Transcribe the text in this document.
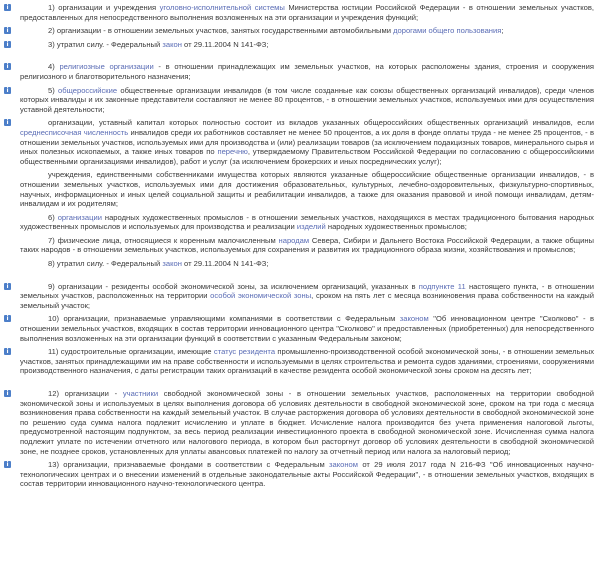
i	1) организации и учреждения уголовно-исполнительной системы Министерства юстиции Российской Федерации - в отношении земельных участков, предоставленных для непосредственного выполнения возложенных на эти организации и учреждения функций;

i	2) организации - в отношении земельных участков, занятых государственными автомобильными дорогами общего пользования;

i	3) утратил силу. - Федеральный закон от 29.11.2004 N 141-ФЗ;

i	4) религиозные организации - в отношении принадлежащих им земельных участков, на которых расположены здания, строения и сооружения религиозного и благотворительного назначения;

i	5) общероссийские общественные организации инвалидов (в том числе созданные как союзы общественных организаций инвалидов), среди членов которых инвалиды и их законные представители составляют не менее 80 процентов, - в отношении земельных участков, используемых ими для осуществления уставной деятельности;

i	организации, уставный капитал которых полностью состоит из вкладов указанных общероссийских общественных организаций инвалидов, если среднесписочная численность инвалидов среди их работников составляет не менее 50 процентов, а их доля в фонде оплаты труда - не менее 25 процентов, - в отношении земельных участков, используемых ими для производства и (или) реализации товаров (за исключением подакцизных товаров, минерального сырья и иных полезных ископаемых, а также иных товаров по перечню, утверждаемому Правительством Российской Федерации по согласованию с общероссийскими общественными организациями инвалидов), работ и услуг (за исключением брокерских и иных посреднических услуг);

учреждения, единственными собственниками имущества которых являются указанные общероссийские общественные организации инвалидов, - в отношении земельных участков, используемых ими для достижения образовательных, культурных, лечебно-оздоровительных, физкультурно-спортивных, научных, информационных и иных целей социальной защиты и реабилитации инвалидов, а также для оказания правовой и иной помощи инвалидам, детям-инвалидам и их родителям;

6) организации народных художественных промыслов - в отношении земельных участков, находящихся в местах традиционного бытования народных художественных промыслов и используемых для производства и реализации изделий народных художественных промыслов;

7) физические лица, относящиеся к коренным малочисленным народам Севера, Сибири и Дальнего Востока Российской Федерации, а также общины таких народов - в отношении земельных участков, используемых для сохранения и развития их традиционного образа жизни, хозяйствования и промыслов;

8) утратил силу. - Федеральный закон от 29.11.2004 N 141-ФЗ;

i	9) организации - резиденты особой экономической зоны, за исключением организаций, указанных в подпункте 11 настоящего пункта, - в отношении земельных участков, расположенных на территории особой экономической зоны, сроком на пять лет с месяца возникновения права собственности на каждый земельный участок;

i	10) организации, признаваемые управляющими компаниями в соответствии с Федеральным законом "Об инновационном центре "Сколково" - в отношении земельных участков, входящих в состав территории инновационного центра "Сколково" и предоставленных (приобретенных) для непосредственного выполнения возложенных на эти организации функций в соответствии с указанным Федеральным законом;

i	11) судостроительные организации, имеющие статус резидента промышленно-производственной особой экономической зоны, - в отношении земельных участков, занятых принадлежащими им на праве собственности и используемыми в целях строительства и ремонта судов зданиями, строениями, сооружениями производственного назначения, с даты регистрации таких организаций в качестве резидента особой экономической зоны сроком на десять лет;

i	12) организации - участники свободной экономической зоны - в отношении земельных участков, расположенных на территории свободной экономической зоны и используемых в целях выполнения договора об условиях деятельности в свободной экономической зоне, сроком на три года с месяца возникновения права собственности на каждый земельный участок. В случае расторжения договора об условиях деятельности в свободной экономической зоне по решению суда сумма налога подлежит исчислению и уплате в бюджет. Исчисление налога производится без учета применения налоговой льготы, предусмотренной настоящим подпунктом, за весь период реализации инвестиционного проекта в свободной экономической зоне. Исчисленная сумма налога подлежит уплате по истечении отчетного или налогового периода, в котором был расторгнут договор об условиях деятельности в свободной экономической зоне, не позднее сроков, установленных для уплаты авансовых платежей по налогу за отчетный период или налога за налоговый период;

i	13) организации, признаваемые фондами в соответствии с Федеральным законом от 29 июля 2017 года N 216-ФЗ "Об инновационных научно-технологических центрах и о внесении изменений в отдельные законодательные акты Российской Федерации", - в отношении земельных участков, входящих в состав территории инновационного научно-технологического центра.
